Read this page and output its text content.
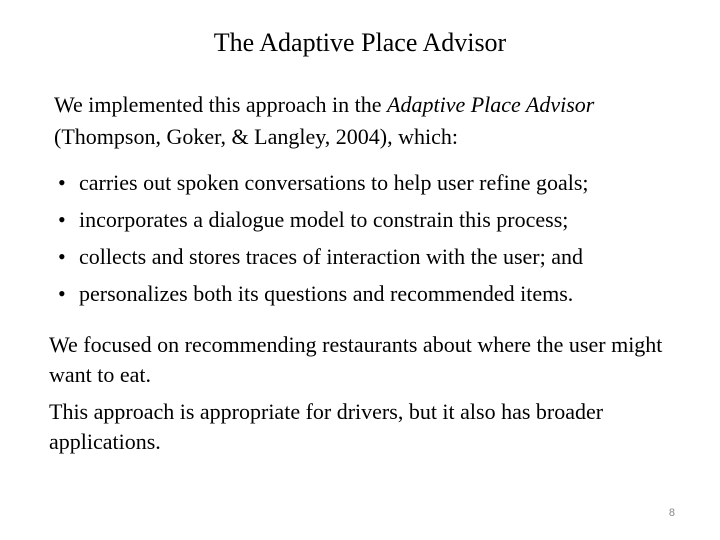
The Adaptive Place Advisor
We implemented this approach in the Adaptive Place Advisor
(Thompson, Goker, & Langley, 2004), which:
• carries out spoken conversations to help user refine goals;
• incorporates a dialogue model to constrain this process;
• collects and stores traces of interaction with the user; and
• personalizes both its questions and recommended items.
We focused on recommending restaurants about where the user might want to eat.
This approach is appropriate for drivers, but it also has broader applications.
8
